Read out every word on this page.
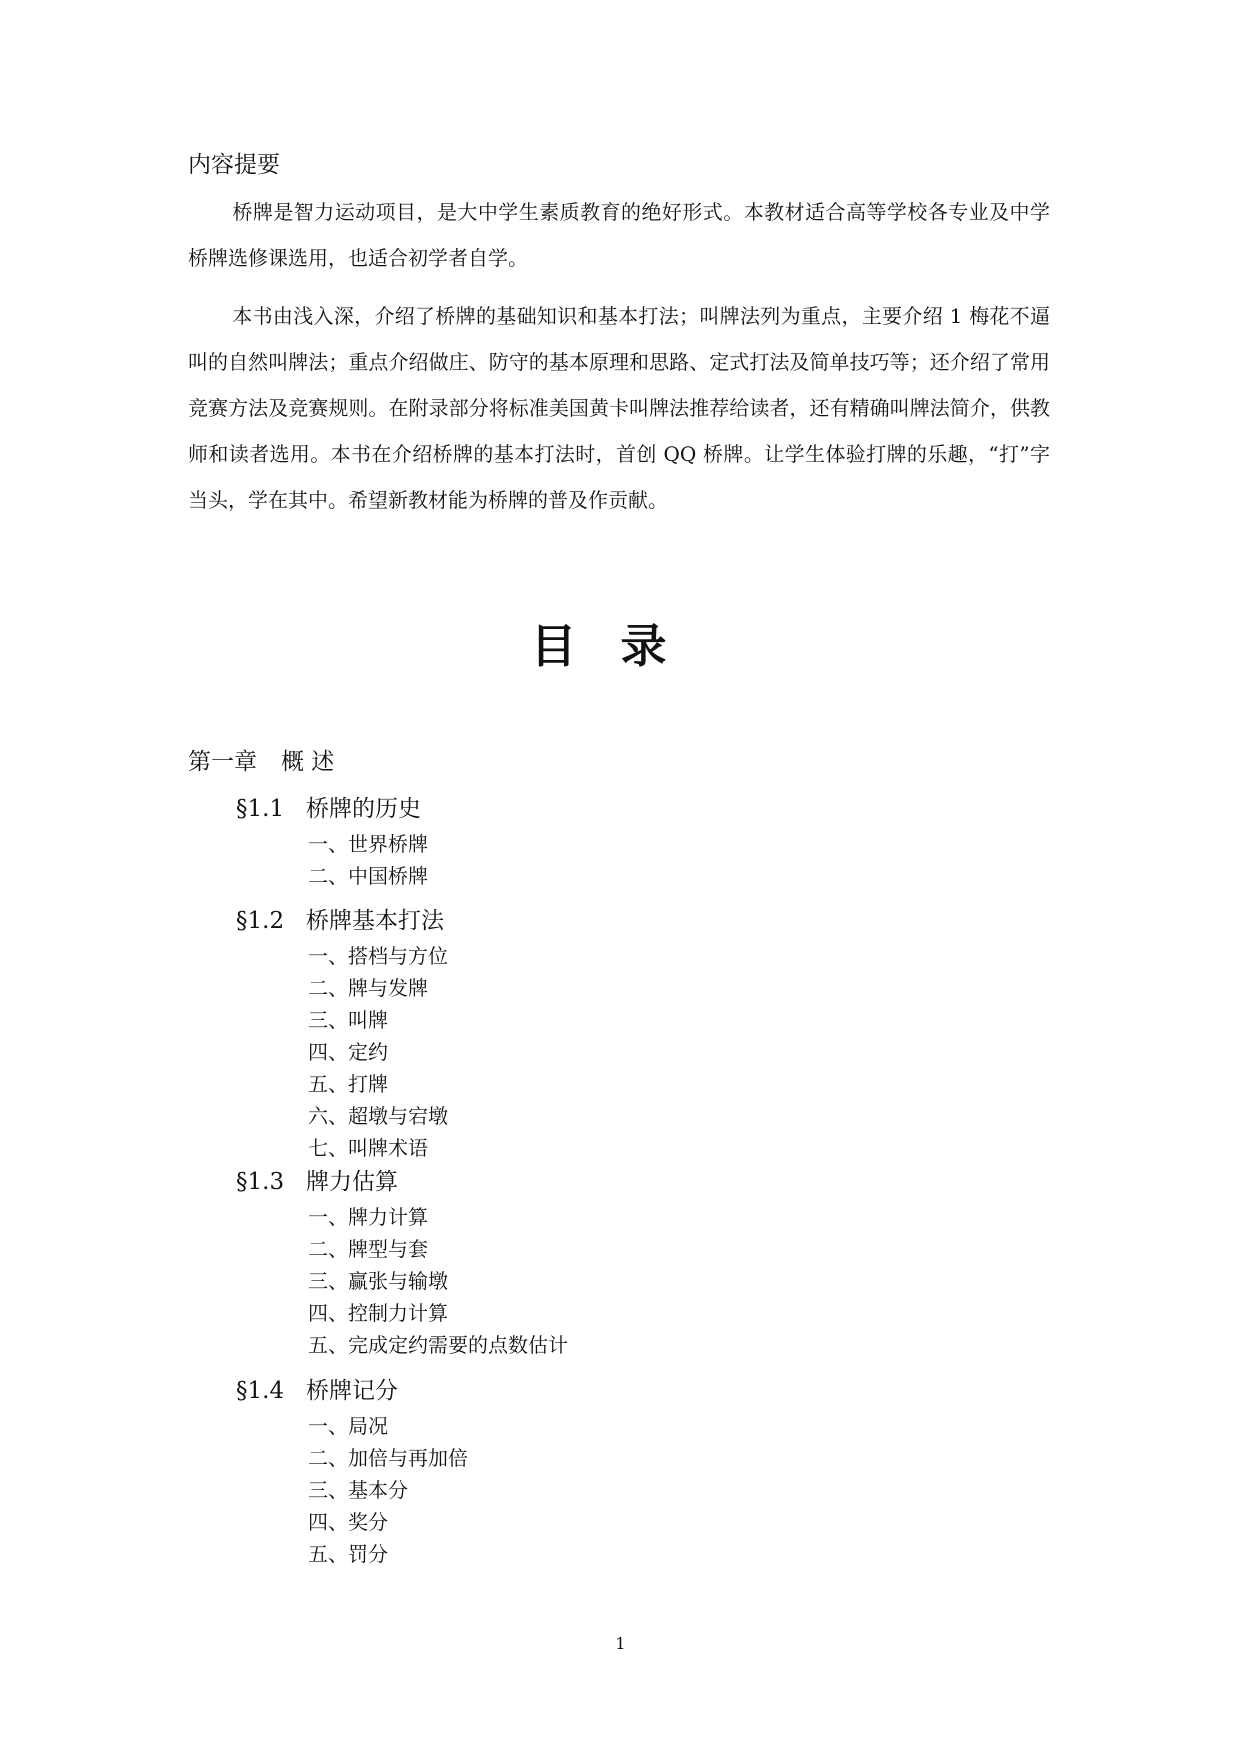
内容提要
桥牌是智力运动项目，是大中学生素质教育的绝好形式。本教材适合高等学校各专业及中学桥牌选修课选用，也适合初学者自学。
本书由浅入深，介绍了桥牌的基础知识和基本打法；叫牌法列为重点，主要介绍 1 梅花不逼叫的自然叫牌法；重点介绍做庄、防守的基本原理和思路、定式打法及简单技巧等；还介绍了常用竞赛方法及竞赛规则。在附录部分将标准美国黄卡叫牌法推荐给读者，还有精确叫牌法简介，供教师和读者选用。本书在介绍桥牌的基本打法时，首创 QQ 桥牌。让学生体验打牌的乐趣，“打”字当头，学在其中。希望新教材能为桥牌的普及作贡献。
目录
第一章 概 述
§1.1 桥牌的历史
一、世界桥牌
二、中国桥牌
§1.2 桥牌基本打法
一、搭档与方位
二、牌与发牌
三、叫牌
四、定约
五、打牌
六、超墩与宕墩
七、叫牌术语
§1.3 牌力估算
一、牌力计算
二、牌型与套
三、赢张与输墩
四、控制力计算
五、完成定约需要的点数估计
§1.4 桥牌记分
一、局况
二、加倍与再加倍
三、基本分
四、奖分
五、罚分
1
